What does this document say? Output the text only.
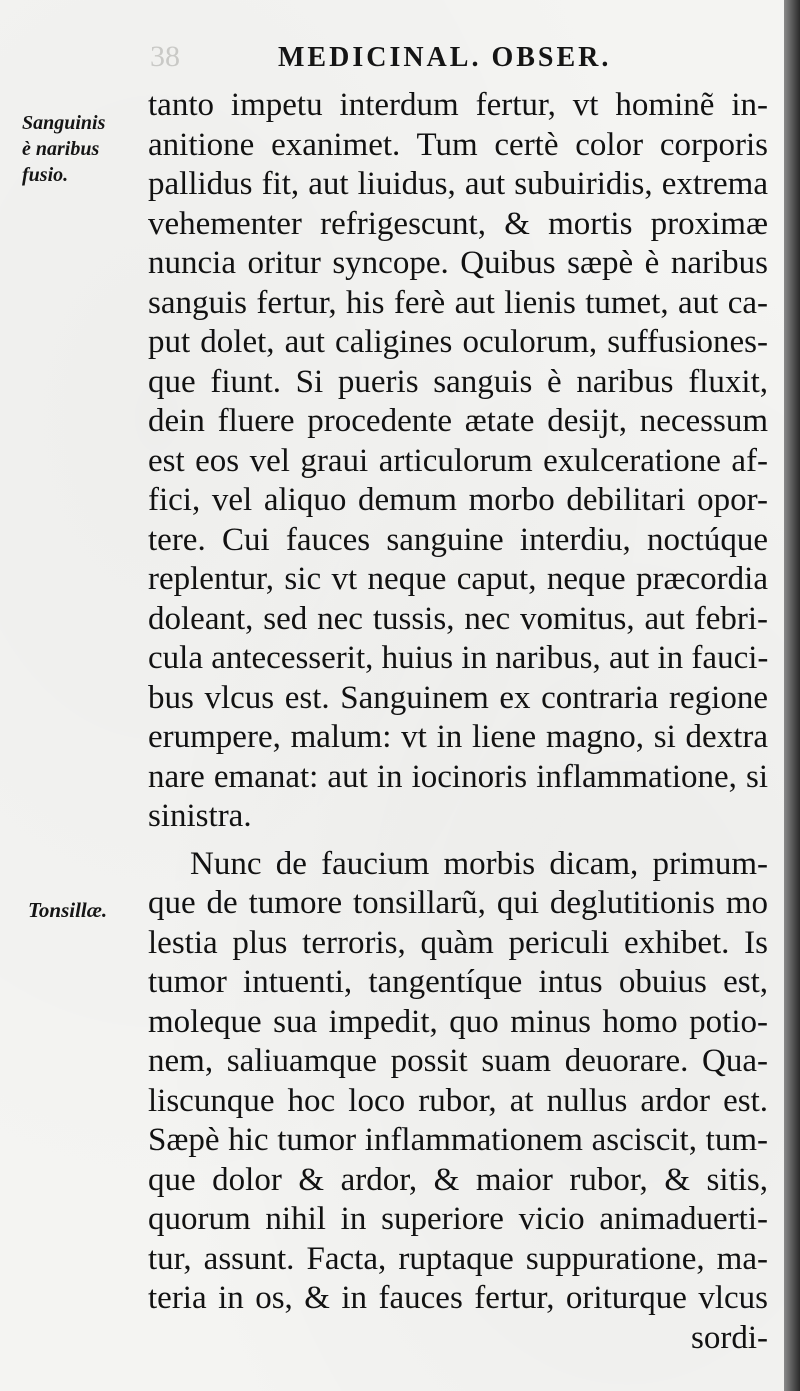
38	MEDICINAL. OBSER.
Sanguinis
è naribus
fusio.
Tonsillæ.
tanto impetu interdum fertur, vt hominẽ in-
anitione exanimet. Tum certè color corporis
pallidus fit, aut liuidus, aut subuiridis, extrema
vehementer refrigescunt, & mortis proximæ
nuncia oritur syncope. Quibus sæpè è naribus
sanguis fertur, his ferè aut lienis tumet, aut ca-
put dolet, aut caligines oculorum, suffusiones-
que fiunt. Si pueris sanguis è naribus fluxit,
dein fluere procedente ætate desijt, necessum
est eos vel graui articulorum exulceratione af-
fici, vel aliquo demum morbo debilitari opor-
tere. Cui fauces sanguine interdiu, noctúque
replentur, sic vt neque caput, neque præcordia
doleant, sed nec tussis, nec vomitus, aut febri-
cula antecesserit, huius in naribus, aut in fauci-
bus vlcus est. Sanguinem ex contraria regione
erumpere, malum: vt in liene magno, si dextra
nare emanat: aut in iocinoris inflammatione, si
sinistra.
Nunc de faucium morbis dicam, primum-
que de tumore tonsillarũ, qui deglutitionis mo
lestia plus terroris, quàm periculi exhibet. Is
tumor intuenti, tangentíque intus obuius est,
moleque sua impedit, quo minus homo potio-
nem, saliuamque possit suam deuorare. Qua-
liscunque hoc loco rubor, at nullus ardor est.
Sæpè hic tumor inflammationem asciscit, tum-
que dolor & ardor, & maior rubor, & sitis,
quorum nihil in superiore vicio animaduerti-
tur, assunt. Facta, ruptaque suppuratione, ma-
teria in os, & in fauces fertur, oriturque vlcus
sordi-
